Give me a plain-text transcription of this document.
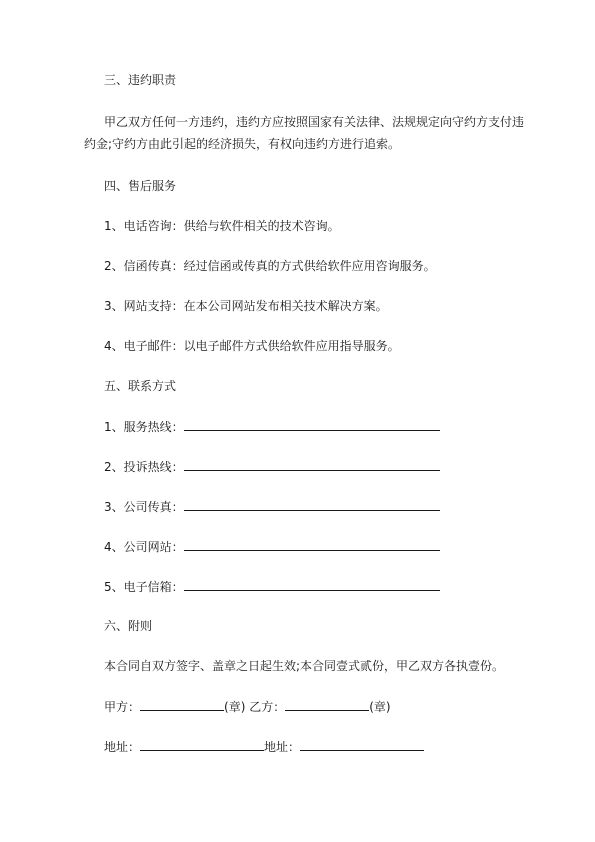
三、违约职责
甲乙双方任何一方违约，违约方应按照国家有关法律、法规规定向守约方支付违
约金;守约方由此引起的经济损失，有权向违约方进行追索。
四、售后服务
1、电话咨询：供给与软件相关的技术咨询。
2、信函传真：经过信函或传真的方式供给软件应用咨询服务。
3、网站支持：在本公司网站发布相关技术解决方案。
4、电子邮件：以电子邮件方式供给软件应用指导服务。
五、联系方式
1、服务热线：
2、投诉热线：
3、公司传真：
4、公司网站：
5、电子信箱：
六、附则
本合同自双方签字、盖章之日起生效;本合同壹式贰份，甲乙双方各执壹份。
甲方：	(章) 乙方：	(章)
地址：	地址：
